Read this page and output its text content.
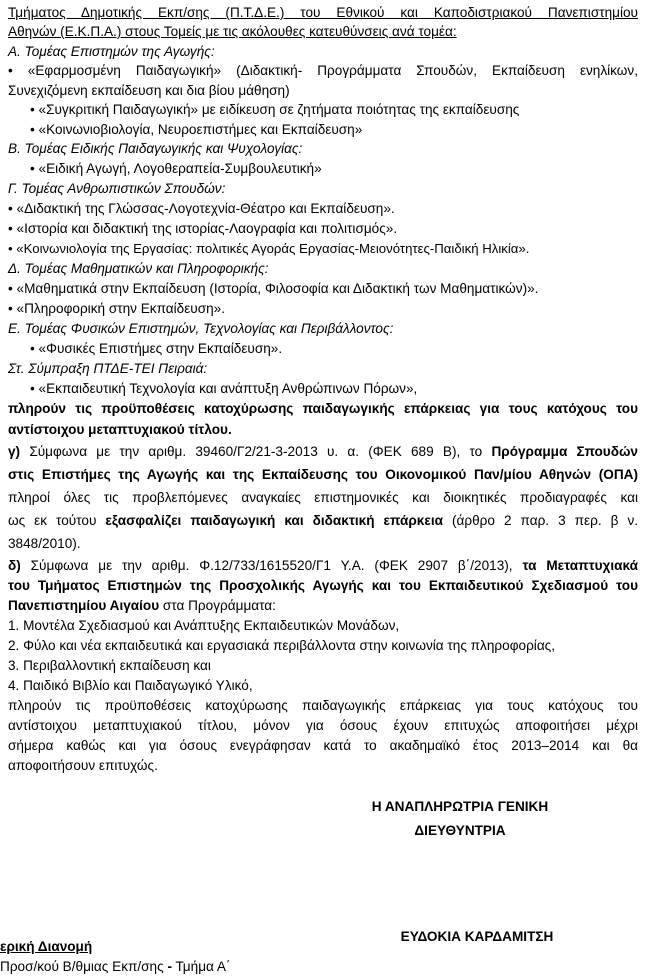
Τμήματος Δημοτικής Εκπ/σης (Π.Τ.Δ.Ε.) του Εθνικού και Καποδιστριακού Πανεπιστημίου
Αθηνών (Ε.Κ.Π.Α.) στους Τομείς με τις ακόλουθες κατευθύνσεις ανά τομέα:
Α. Τομέας Επιστημών της Αγωγής:
• «Εφαρμοσμένη Παιδαγωγική» (Διδακτική- Προγράμματα Σπουδών, Εκπαίδευση ενηλίκων,
Συνεχιζόμενη εκπαίδευση και δια βίου μάθηση)
• «Συγκριτική Παιδαγωγική» με ειδίκευση σε ζητήματα ποιότητας της εκπαίδευσης
• «Κοινωνιοβιολογία, Νευροεπιστήμες και Εκπαίδευση»
Β. Τομέας Ειδικής Παιδαγωγικής και Ψυχολογίας:
• «Ειδική Αγωγή, Λογοθεραπεία-Συμβουλευτική»
Γ. Τομέας Ανθρωπιστικών Σπουδών:
• «Διδακτική της Γλώσσας-Λογοτεχνία-Θέατρο και Εκπαίδευση».
• «Ιστορία και διδακτική της ιστορίας-Λαογραφία και πολιτισμός».
• «Κοινωνιολογία της Εργασίας: πολιτικές Αγοράς Εργασίας-Μειονότητες-Παιδική Ηλικία».
Δ. Τομέας Μαθηματικών και Πληροφορικής:
• «Μαθηματικά στην Εκπαίδευση (Ιστορία, Φιλοσοφία και Διδακτική των Μαθηματικών)».
• «Πληροφορική στην Εκπαίδευση».
Ε. Τομέας Φυσικών Επιστημών, Τεχνολογίας και Περιβάλλοντος:
• «Φυσικές Επιστήμες στην Εκπαίδευση».
Στ. Σύμπραξη ΠΤΔΕ-ΤΕΙ Πειραιά:
• «Εκπαιδευτική Τεχνολογία και ανάπτυξη Ανθρώπινων Πόρων»,
πληρούν τις προϋποθέσεις κατοχύρωσης παιδαγωγικής επάρκειας για τους κατόχους του
αντίστοιχου μεταπτυχιακού τίτλου.
γ) Σύμφωνα με την αριθμ. 39460/Γ2/21-3-2013 υ. α. (ΦΕΚ 689 Β), το Πρόγραμμα Σπουδών
στις Επιστήμες της Αγωγής και της Εκπαίδευσης του Οικονομικού Παν/μίου Αθηνών (ΟΠΑ)
πληροί όλες τις προβλεπόμενες αναγκαίες επιστημονικές και διοικητικές προδιαγραφές και
ως εκ τούτου εξασφαλίζει παιδαγωγική και διδακτική επάρκεια (άρθρο 2 παρ. 3 περ. β ν.
3848/2010).
δ) Σύμφωνα με την αριθμ. Φ.12/733/1615520/Γ1 Υ.Α. (ΦΕΚ 2907 β΄/2013), τα Μεταπτυχιακά
του Τμήματος Επιστημών της Προσχολικής Αγωγής και του Εκπαιδευτικού Σχεδιασμού του
Πανεπιστημίου Αιγαίου στα Προγράμματα:
1. Μοντέλα Σχεδιασμού και Ανάπτυξης Εκπαιδευτικών Μονάδων,
2. Φύλο και νέα εκπαιδευτικά και εργασιακά περιβάλλοντα στην κοινωνία της πληροφορίας,
3. Περιβαλλοντική εκπαίδευση και
4. Παιδικό Βιβλίο και Παιδαγωγικό Υλικό,
πληρούν τις προϋποθέσεις κατοχύρωσης παιδαγωγικής επάρκειας για τους κατόχους του
αντίστοιχου μεταπτυχιακού τίτλου, μόνον για όσους έχουν επιτυχώς αποφοιτήσει μέχρι
σήμερα καθώς και για όσους ενεγράφησαν κατά το ακαδημαϊκό έτος 2013–2014 και θα
αποφοιτήσουν επιτυχώς.
Η ΑΝΑΠΛΗΡΩΤΡΙΑ ΓΕΝΙΚΗ
ΔΙΕΥΘΥΝΤΡΙΑ
ΕΥΔΟΚΙΑ ΚΑΡΔΑΜΙΤΣΗ
ερική Διανομή
Προσ/κού Β/θμιας Εκπ/σης - Τμήμα Α΄
